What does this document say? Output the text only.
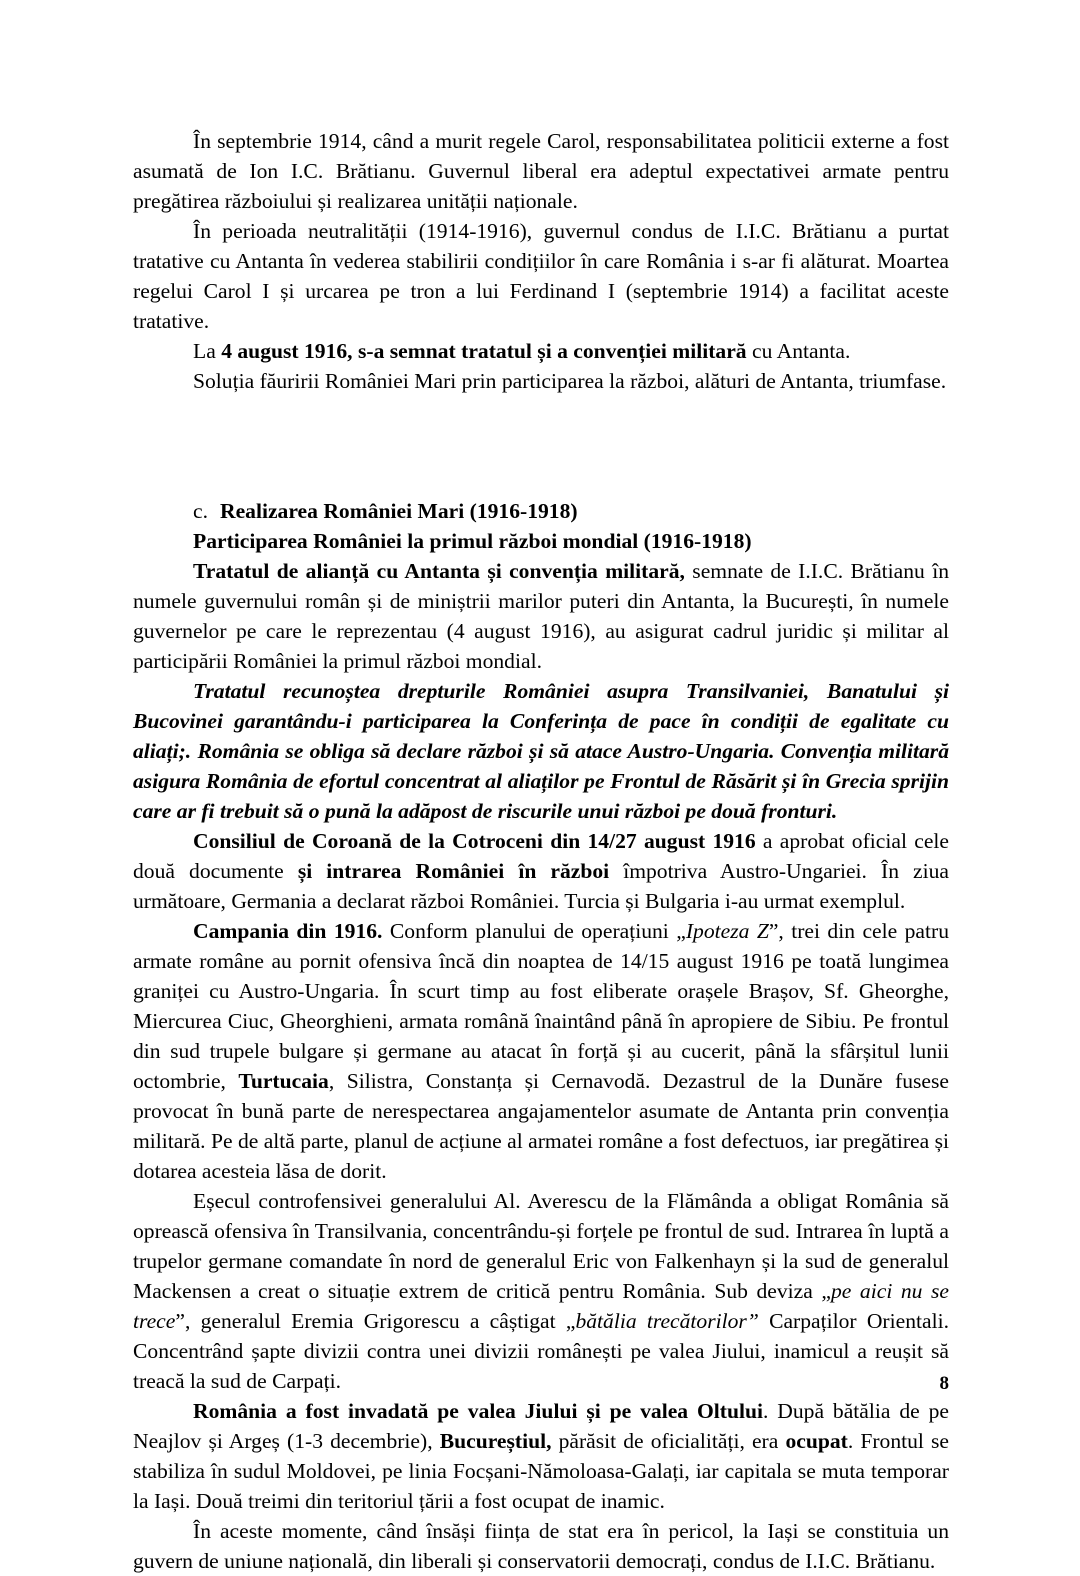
În septembrie 1914, când a murit regele Carol, responsabilitatea politicii externe a fost asumată de Ion I.C. Brătianu. Guvernul liberal era adeptul expectativei armate pentru pregătirea războiului și realizarea unității naționale.

În perioada neutralității (1914-1916), guvernul condus de I.I.C. Brătianu a purtat tratative cu Antanta în vederea stabilirii condițiilor în care România i s-ar fi alăturat. Moartea regelui Carol I și urcarea pe tron a lui Ferdinand I (septembrie 1914) a facilitat aceste tratative.

La 4 august 1916, s-a semnat tratatul și a convenției militară cu Antanta.

Soluția făuririi României Mari prin participarea la război, alături de Antanta, triumfase.

c. Realizarea României Mari (1916-1918)
Participarea României la primul război mondial (1916-1918)

Tratatul de alianță cu Antanta și convenția militară, semnate de I.I.C. Brătianu în numele guvernului român și de miniștrii marilor puteri din Antanta, la București, în numele guvernelor pe care le reprezentau (4 august 1916), au asigurat cadrul juridic și militar al participării României la primul război mondial.

Tratatul recunoștea drepturile României asupra Transilvaniei, Banatului și Bucovinei garantându-i participarea la Conferința de pace în condiții de egalitate cu aliați;. România se obliga să declare război și să atace Austro-Ungaria. Convenția militară asigura România de efortul concentrat al aliaților pe Frontul de Răsărit și în Grecia sprijin care ar fi trebuit să o pună la adăpost de riscurile unui război pe două fronturi.

Consiliul de Coroană de la Cotroceni din 14/27 august 1916 a aprobat oficial cele două documente și intrarea României în război împotriva Austro-Ungariei. În ziua următoare, Germania a declarat război României. Turcia și Bulgaria i-au urmat exemplul.

Campania din 1916. Conform planului de operațiuni „Ipoteza Z”, trei din cele patru armate române au pornit ofensiva încă din noaptea de 14/15 august 1916 pe toată lungimea graniței cu Austro-Ungaria. În scurt timp au fost eliberate orașele Brașov, Sf. Gheorghe, Miercurea Ciuc, Gheorghieni, armata română înaintând până în apropiere de Sibiu. Pe frontul din sud trupele bulgare și germane au atacat în forță și au cucerit, până la sfârșitul lunii octombrie, Turtucaia, Silistra, Constanța și Cernavodă. Dezastrul de la Dunăre fusese provocat în bună parte de nerespectarea angajamentelor asumate de Antanta prin convenția militară. Pe de altă parte, planul de acțiune al armatei române a fost defectuos, iar pregătirea și dotarea acesteia lăsa de dorit.

Eșecul controfensivei generalului Al. Averescu de la Flămânda a obligat România să oprească ofensiva în Transilvania, concentrându-și forțele pe frontul de sud. Intrarea în luptă a trupelor germane comandate în nord de generalul Eric von Falkenhayn și la sud de generalul Mackensen a creat o situație extrem de critică pentru România. Sub deviza „pe aici nu se trece”, generalul Eremia Grigorescu a câștigat „bătălia trecătorilor” Carpaților Orientali. Concentrând șapte divizii contra unei divizii românești pe valea Jiului, inamicul a reușit să treacă la sud de Carpați.

România a fost invadată pe valea Jiului și pe valea Oltului. După bătălia de pe Neajlov și Argeș (1-3 decembrie), Bucureștiul, părăsit de oficialități, era ocupat. Frontul se stabiliza în sudul Moldovei, pe linia Focșani-Nămoloasa-Galați, iar capitala se muta temporar la Iași. Două treimi din teritoriul țării a fost ocupat de inamic.

În aceste momente, când însăși ființa de stat era în pericol, la Iași se constituia un guvern de uniune națională, din liberali și conservatorii democrați, condus de I.I.C. Brătianu.

8
